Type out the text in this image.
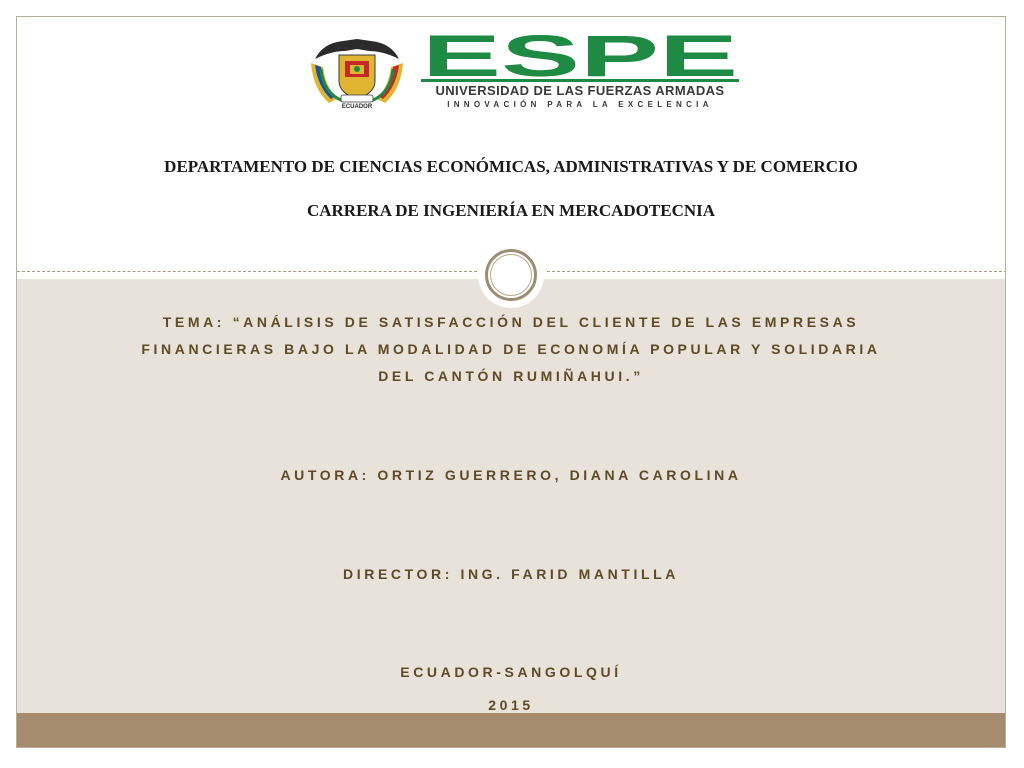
ECUADOR
ESPE
UNIVERSIDAD DE LAS FUERZAS ARMADAS
INNOVACIÓN PARA LA EXCELENCIA
DEPARTAMENTO DE CIENCIAS ECONÓMICAS, ADMINISTRATIVAS Y DE COMERCIO
CARRERA DE INGENIERÍA EN MERCADOTECNIA
TEMA: “ANÁLISIS DE SATISFACCIÓN DEL CLIENTE DE LAS EMPRESAS
FINANCIERAS BAJO LA MODALIDAD DE ECONOMÍA POPULAR Y SOLIDARIA
DEL CANTÓN RUMIÑAHUI.”
AUTORA: ORTIZ GUERRERO, DIANA CAROLINA
DIRECTOR: ING. FARID MANTILLA
ECUADOR-SANGOLQUÍ
2015
